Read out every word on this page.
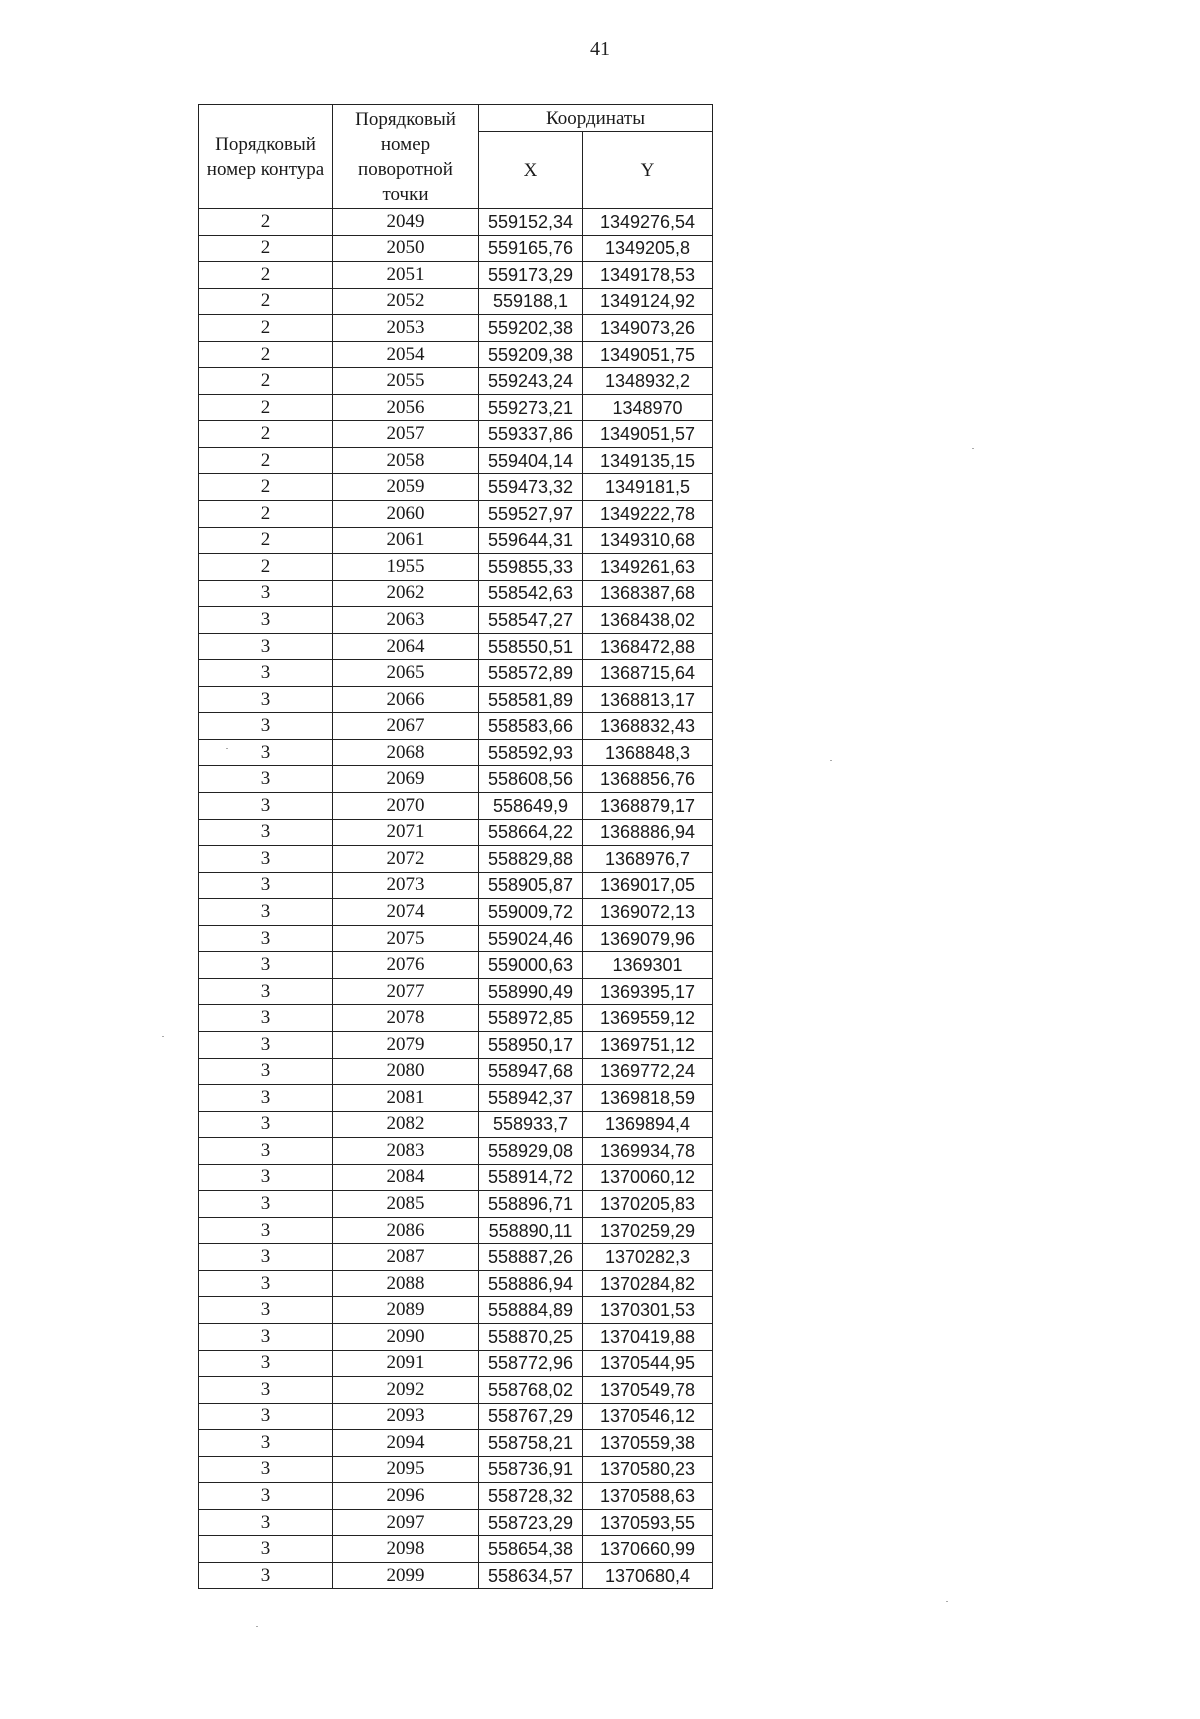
41
Порядковый номер контура	Порядковый номер поворотной точки	Координаты	
		X	Y
2	2049	559152,34	1349276,54
2	2050	559165,76	1349205,8
2	2051	559173,29	1349178,53
2	2052	559188,1	1349124,92
2	2053	559202,38	1349073,26
2	2054	559209,38	1349051,75
2	2055	559243,24	1348932,2
2	2056	559273,21	1348970
2	2057	559337,86	1349051,57
2	2058	559404,14	1349135,15
2	2059	559473,32	1349181,5
2	2060	559527,97	1349222,78
2	2061	559644,31	1349310,68
2	1955	559855,33	1349261,63
3	2062	558542,63	1368387,68
3	2063	558547,27	1368438,02
3	2064	558550,51	1368472,88
3	2065	558572,89	1368715,64
3	2066	558581,89	1368813,17
3	2067	558583,66	1368832,43
3	2068	558592,93	1368848,3
3	2069	558608,56	1368856,76
3	2070	558649,9	1368879,17
3	2071	558664,22	1368886,94
3	2072	558829,88	1368976,7
3	2073	558905,87	1369017,05
3	2074	559009,72	1369072,13
3	2075	559024,46	1369079,96
3	2076	559000,63	1369301
3	2077	558990,49	1369395,17
3	2078	558972,85	1369559,12
3	2079	558950,17	1369751,12
3	2080	558947,68	1369772,24
3	2081	558942,37	1369818,59
3	2082	558933,7	1369894,4
3	2083	558929,08	1369934,78
3	2084	558914,72	1370060,12
3	2085	558896,71	1370205,83
3	2086	558890,11	1370259,29
3	2087	558887,26	1370282,3
3	2088	558886,94	1370284,82
3	2089	558884,89	1370301,53
3	2090	558870,25	1370419,88
3	2091	558772,96	1370544,95
3	2092	558768,02	1370549,78
3	2093	558767,29	1370546,12
3	2094	558758,21	1370559,38
3	2095	558736,91	1370580,23
3	2096	558728,32	1370588,63
3	2097	558723,29	1370593,55
3	2098	558654,38	1370660,99
3	2099	558634,57	1370680,4
